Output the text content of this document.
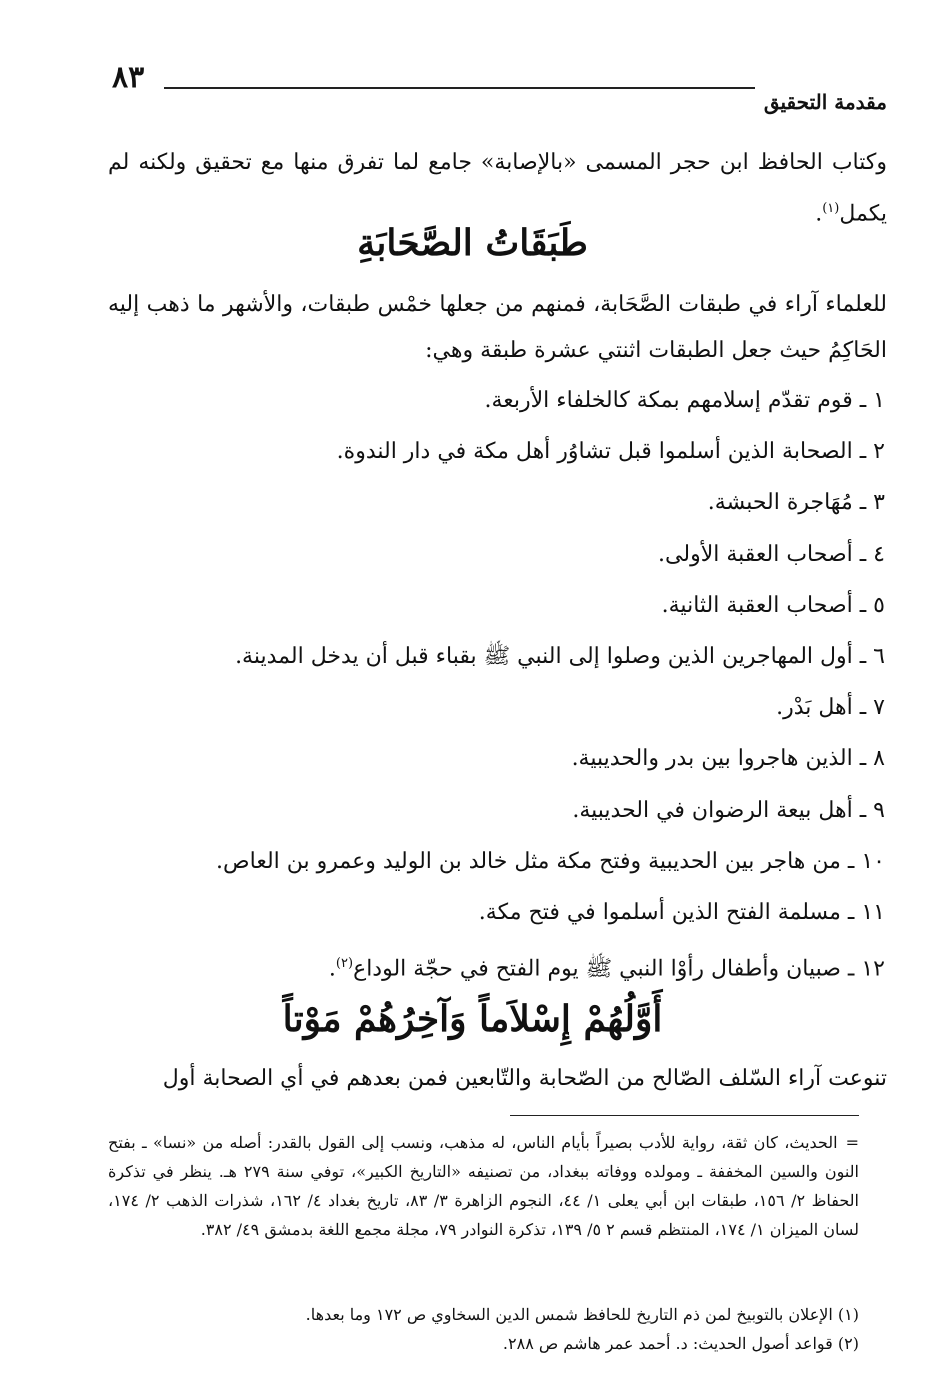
مقدمة التحقيق
٨٣
وكتاب الحافظ ابن حجر المسمى «بالإصابة» جامع لما تفرق منها مع تحقيق ولكنه لم يكمل$^{(١)}$.
طَبَقَاتُ الصَّحَابَةِ
للعلماء آراء في طبقات الصَّحَابة، فمنهم من جعلها خمْس طبقات، والأشهر ما ذهب إليه الحَاكِمُ حيث جعل الطبقات اثنتي عشرة طبقة وهي:
١ ـ قوم تقدّم إسلامهم بمكة كالخلفاء الأربعة.
٢ ـ الصحابة الذين أسلموا قبل تشاوُر أهل مكة في دار الندوة.
٣ ـ مُهَاجرة الحبشة.
٤ ـ أصحاب العقبة الأولى.
٥ ـ أصحاب العقبة الثانية.
٦ ـ أول المهاجرين الذين وصلوا إلى النبي ﷺ بقباء قبل أن يدخل المدينة.
٧ ـ أهل بَدْر.
٨ ـ الذين هاجروا بين بدر والحديبية.
٩ ـ أهل بيعة الرضوان في الحديبية.
١٠ ـ من هاجر بين الحديبية وفتح مكة مثل خالد بن الوليد وعمرو بن العاص.
١١ ـ مسلمة الفتح الذين أسلموا في فتح مكة.
١٢ ـ صبيان وأطفال رأوْا النبي ﷺ يوم الفتح في حجّة الوداع$^{(٢)}$.
أَوَّلُهُمْ إِسْلاَماً وَآخِرُهُمْ مَوْتاً
تنوعت آراء السّلف الصّالح من الصّحابة والتّابعين فمن بعدهم في أي الصحابة أول
=الحديث، كان ثقة، رواية للأدب بصيراً بأيام الناس، له مذهب، ونسب إلى القول بالقدر: أصله من «نسا» ـ بفتح النون والسين المخففة ـ ومولده ووفاته ببغداد، من تصنيفه «التاريخ الكبير»، توفي سنة ٢٧٩ هـ. ينظر في تذكرة الحفاظ ٢/ ١٥٦، طبقات ابن أبي يعلى ١/ ٤٤، النجوم الزاهرة ٣/ ٨٣، تاريخ بغداد ٤/ ١٦٢، شذرات الذهب ٢/ ١٧٤، لسان الميزان ١/ ١٧٤، المنتظم قسم ٢ ٥/ ١٣٩، تذكرة النوادر ٧٩، مجلة مجمع اللغة بدمشق ٤٩/ ٣٨٢.
(١) الإعلان بالتوبيخ لمن ذم التاريخ للحافظ شمس الدين السخاوي ص ١٧٢ وما بعدها.
(٢) قواعد أصول الحديث: د. أحمد عمر هاشم ص ٢٨٨.
